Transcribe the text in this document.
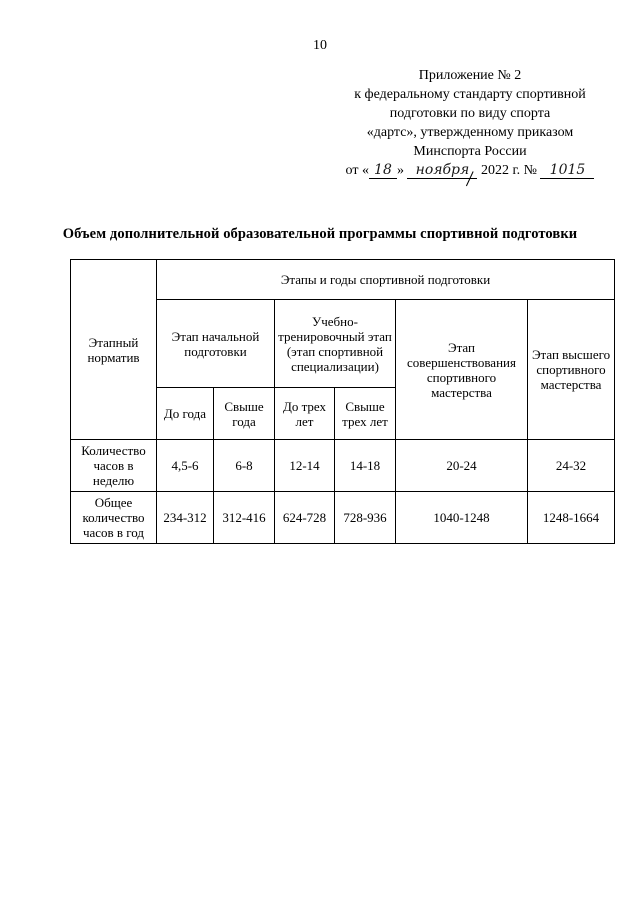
10
Приложение № 2
к федеральному стандарту спортивной
подготовки по виду спорта
«дартс», утвержденному приказом
Минспорта России
от « 18 » ноября 2022 г. № 1015
Объем дополнительной образовательной программы спортивной подготовки
Этапный норматив	Этапы и годы спортивной подготовки					
	Этап начальной подготовки		Учебно-тренировочный этап (этап спортивной специализации)		Этап совершенствования спортивного мастерства	Этап высшего спортивного мастерства
	До года	Свыше года	До трех лет	Свыше трех лет		
Количество часов в неделю	4,5-6	6-8	12-14	14-18	20-24	24-32
Общее количество часов в год	234-312	312-416	624-728	728-936	1040-1248	1248-1664
